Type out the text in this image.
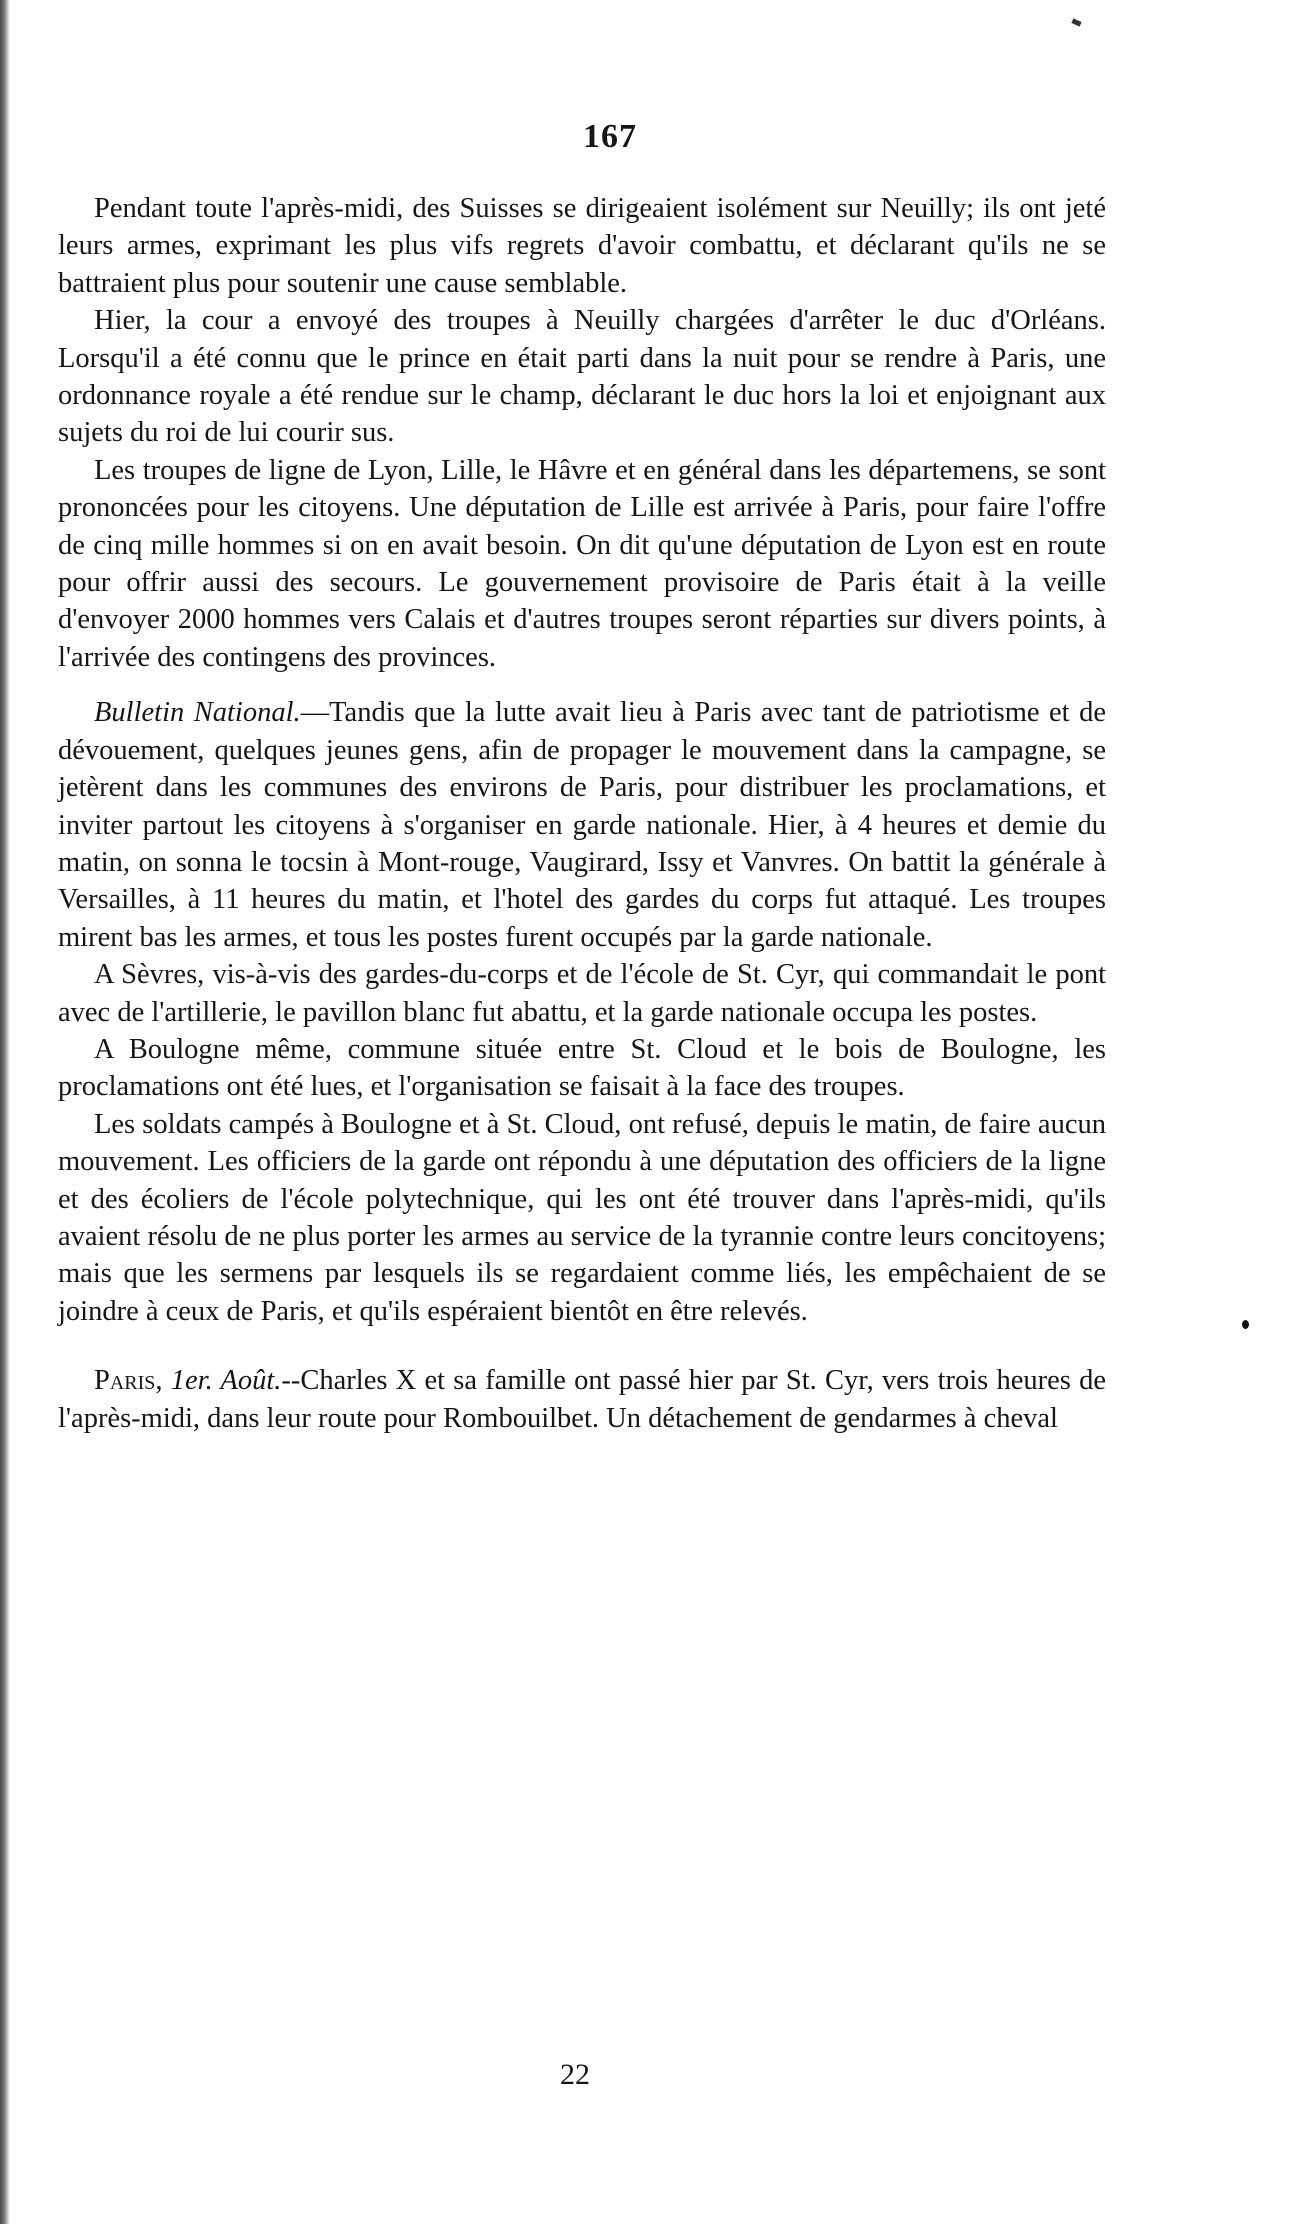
167

Pendant toute l'après-midi, des Suisses se dirigeaient isolément sur Neuilly; ils ont jeté leurs armes, exprimant les plus vifs regrets d'avoir combattu, et déclarant qu'ils ne se battraient plus pour soutenir une cause semblable.

Hier, la cour a envoyé des troupes à Neuilly chargées d'arrêter le duc d'Orléans. Lorsqu'il a été connu que le prince en était parti dans la nuit pour se rendre à Paris, une ordonnance royale a été rendue sur le champ, déclarant le duc hors la loi et enjoignant aux sujets du roi de lui courir sus.

Les troupes de ligne de Lyon, Lille, le Hâvre et en général dans les départemens, se sont prononcées pour les citoyens. Une députation de Lille est arrivée à Paris, pour faire l'offre de cinq mille hommes si on en avait besoin. On dit qu'une députation de Lyon est en route pour offrir aussi des secours. Le gouvernement provisoire de Paris était à la veille d'envoyer 2000 hommes vers Calais et d'autres troupes seront réparties sur divers points, à l'arrivée des contingens des provinces.

Bulletin National.—Tandis que la lutte avait lieu à Paris avec tant de patriotisme et de dévouement, quelques jeunes gens, afin de propager le mouvement dans la campagne, se jetèrent dans les communes des environs de Paris, pour distribuer les proclamations, et inviter partout les citoyens à s'organiser en garde nationale. Hier, à 4 heures et demie du matin, on sonna le tocsin à Mont-rouge, Vaugirard, Issy et Vanvres. On battit la générale à Versailles, à 11 heures du matin, et l'hotel des gardes du corps fut attaqué. Les troupes mirent bas les armes, et tous les postes furent occupés par la garde nationale.

A Sèvres, vis-à-vis des gardes-du-corps et de l'école de St. Cyr, qui commandait le pont avec de l'artillerie, le pavillon blanc fut abattu, et la garde nationale occupa les postes.

A Boulogne même, commune située entre St. Cloud et le bois de Boulogne, les proclamations ont été lues, et l'organisation se faisait à la face des troupes.

Les soldats campés à Boulogne et à St. Cloud, ont refusé, depuis le matin, de faire aucun mouvement. Les officiers de la garde ont répondu à une députation des officiers de la ligne et des écoliers de l'école polytechnique, qui les ont été trouver dans l'après-midi, qu'ils avaient résolu de ne plus porter les armes au service de la tyrannie contre leurs concitoyens; mais que les sermens par lesquels ils se regardaient comme liés, les empêchaient de se joindre à ceux de Paris, et qu'ils espéraient bientôt en être relevés.

Paris, 1er. Août.--Charles X et sa famille ont passé hier par St. Cyr, vers trois heures de l'après-midi, dans leur route pour Rombouilbet. Un détachement de gendarmes à cheval

22
